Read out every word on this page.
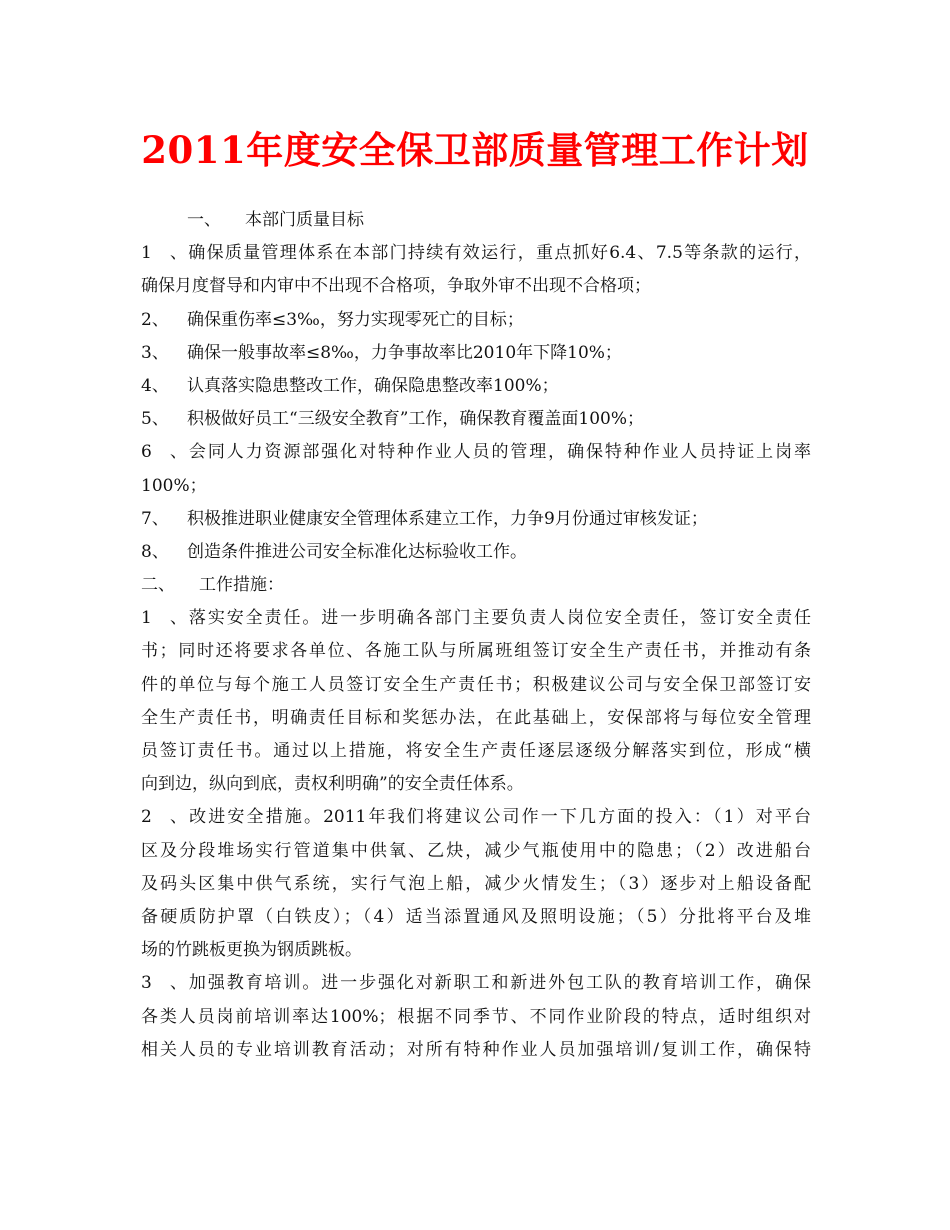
2011年度安全保卫部质量管理工作计划
一、 本部门质量目标
1、确保质量管理体系在本部门持续有效运行，重点抓好6.4、7.5等条款的运行，
确保月度督导和内审中不出现不合格项，争取外审不出现不合格项；
2、 确保重伤率≤3‰，努力实现零死亡的目标；
3、 确保一般事故率≤8‰，力争事故率比2010年下降10%；
4、 认真落实隐患整改工作，确保隐患整改率100%；
5、 积极做好员工“三级安全教育”工作，确保教育覆盖面100%；
6、会同人力资源部强化对特种作业人员的管理，确保特种作业人员持证上岗率
100%；
7、 积极推进职业健康安全管理体系建立工作，力争9月份通过审核发证；
8、 创造条件推进公司安全标准化达标验收工作。
二、 工作措施：
1、落实安全责任。进一步明确各部门主要负责人岗位安全责任，签订安全责任
书；同时还将要求各单位、各施工队与所属班组签订安全生产责任书，并推动有条
件的单位与每个施工人员签订安全生产责任书；积极建议公司与安全保卫部签订安
全生产责任书，明确责任目标和奖惩办法，在此基础上，安保部将与每位安全管理
员签订责任书。通过以上措施，将安全生产责任逐层逐级分解落实到位，形成“横
向到边，纵向到底，责权利明确”的安全责任体系。
2、改进安全措施。2011年我们将建议公司作一下几方面的投入：（1）对平台
区及分段堆场实行管道集中供氧、乙炔，减少气瓶使用中的隐患；（2）改进船台
及码头区集中供气系统，实行气泡上船，减少火情发生；（3）逐步对上船设备配
备硬质防护罩（白铁皮）；（4）适当添置通风及照明设施；（5）分批将平台及堆
场的竹跳板更换为钢质跳板。
3、加强教育培训。进一步强化对新职工和新进外包工队的教育培训工作，确保
各类人员岗前培训率达100%；根据不同季节、不同作业阶段的特点，适时组织对
相关人员的专业培训教育活动；对所有特种作业人员加强培训/复训工作，确保特
